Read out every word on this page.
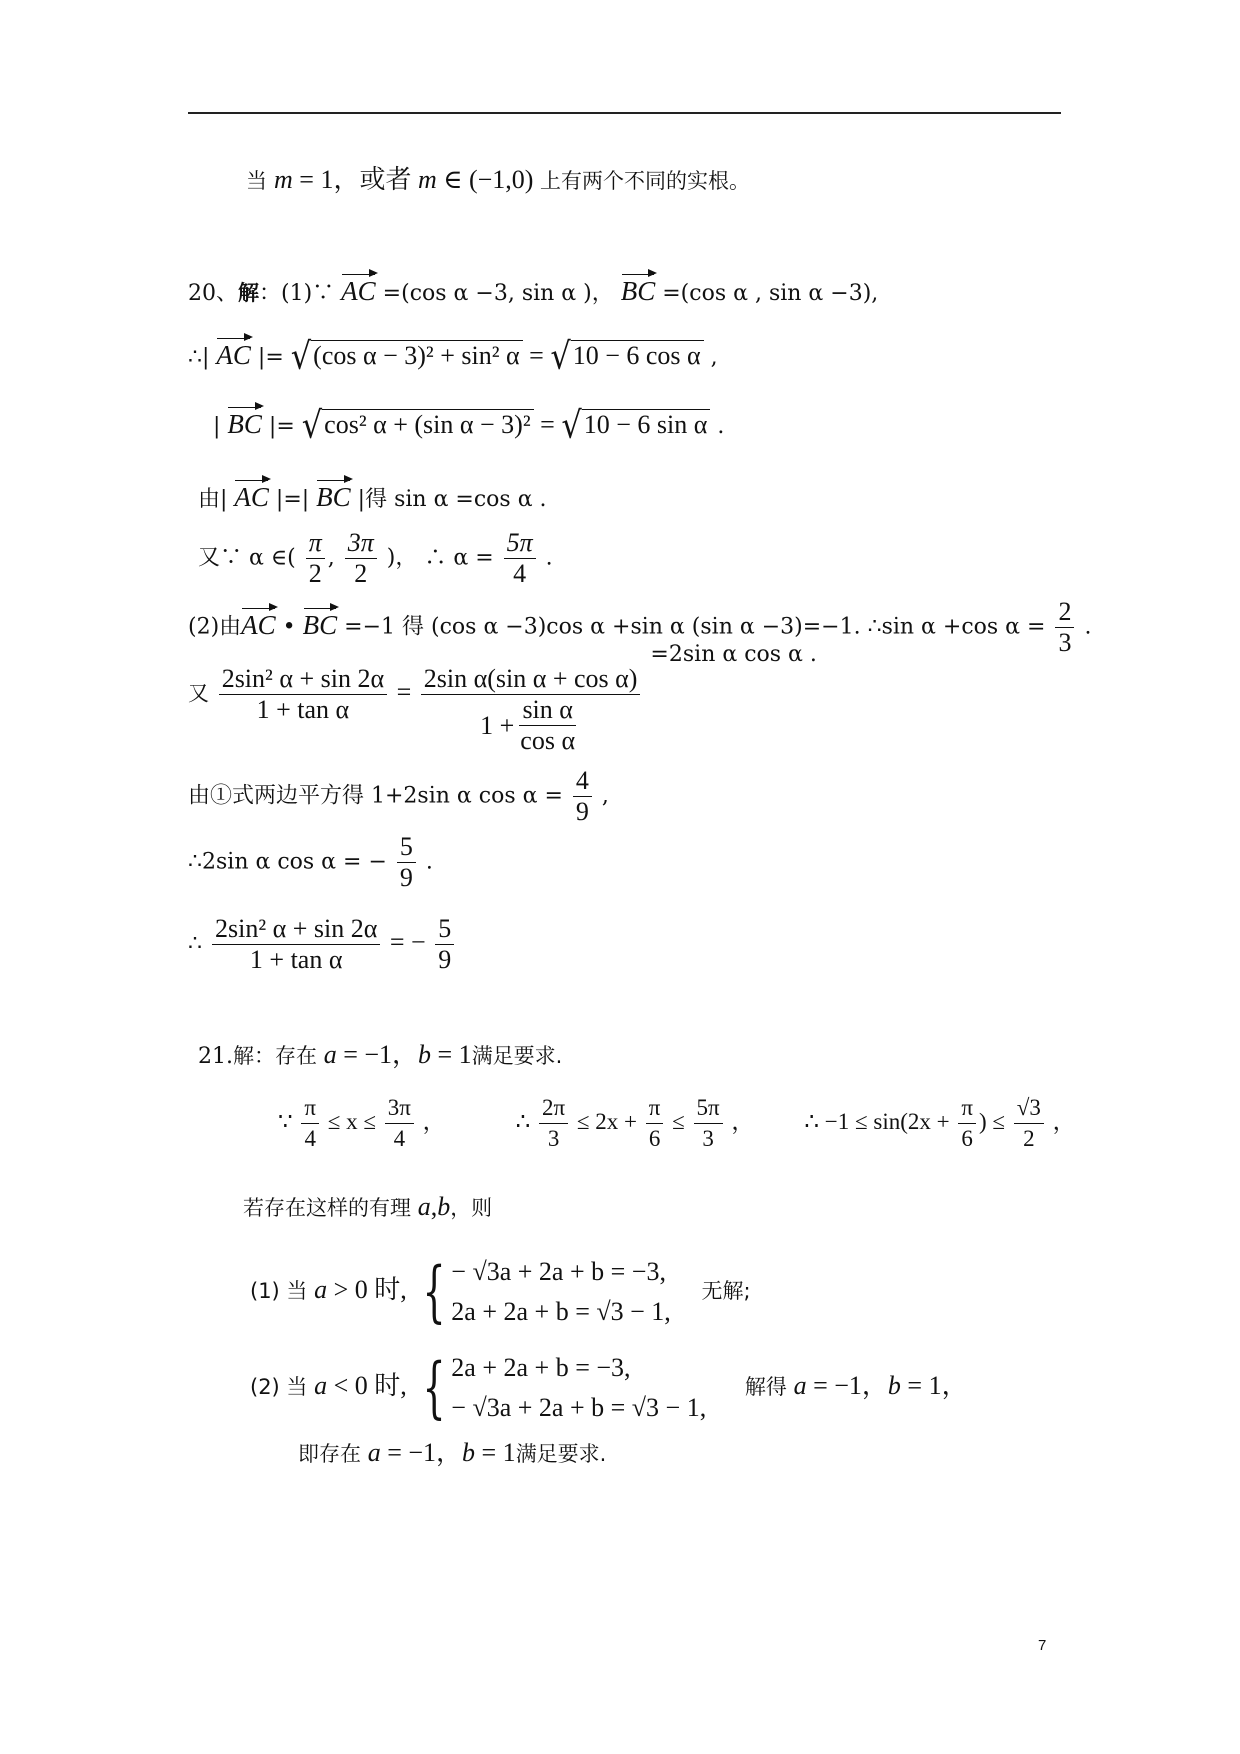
当 m = 1，或者 m ∈ (−1,0) 上有两个不同的实根。
20、解：(1)∵ AC =(cos α −3, sin α )， BC =(cos α , sin α −3),
∴| AC |= √(cos α − 3)² + sin² α = √10 − 6 cos α ,
| BC |= √cos² α + (sin α − 3)² = √10 − 6 sin α .
由| AC |=| BC |得 sin α =cos α .
又∵ α ∈( $\frac{\pi}{2}$ , $\frac{3\pi}{2}$ )， ∴ $\alpha = \frac{5\pi}{4}$ .
(2)由AC • BC =−1 得 (cos α −3)cos α +sin α (sin α −3)=−1. ∴sin α +cos $\alpha = \frac{2}{3}$ .
又 $\frac{\text{2sin² α + sin 2α}}{\text{1 + tan α}} = \frac{\text{2sin α(sin α + cos α)}}{1 + \frac{\text{sin α}}{\text{cos α}}}$
=2sin α cos α .
由①式两边平方得 1+2sin α $\cos \alpha = \frac{4}{9}$ ,
∴2sin α cos α = − $\frac{5}{9}$ .
∴ $\frac{\text{2sin² α + sin 2α}}{\text{1 + tan α}}$ = − $\frac{5}{9}$
21.解：存在 a = −1，b = 1满足要求.
∵ $\frac{\pi}{4} \le x \le \frac{3\pi}{4}$ ，	∴ $\frac{2\pi}{3} \le 2x + \frac{\pi}{6} \le \frac{5\pi}{3}$ ， ∴ $-1 \le \sin(2x + \frac{\pi}{6}$ ) ≤ $\frac{√3}{2}$ ，
若存在这样的有理 a,b，则
(1) 当 a > 0 时, { − √3a + 2a + b = −3,
2a + 2a + b = √3 − 1,
无解;
(2) 当 a < 0 时, { 2a + 2a + b = −3,
− √3a + 2a + b = √3 − 1,
解得 a = −1，b = 1，
即存在 a = −1，b = 1满足要求.
7
